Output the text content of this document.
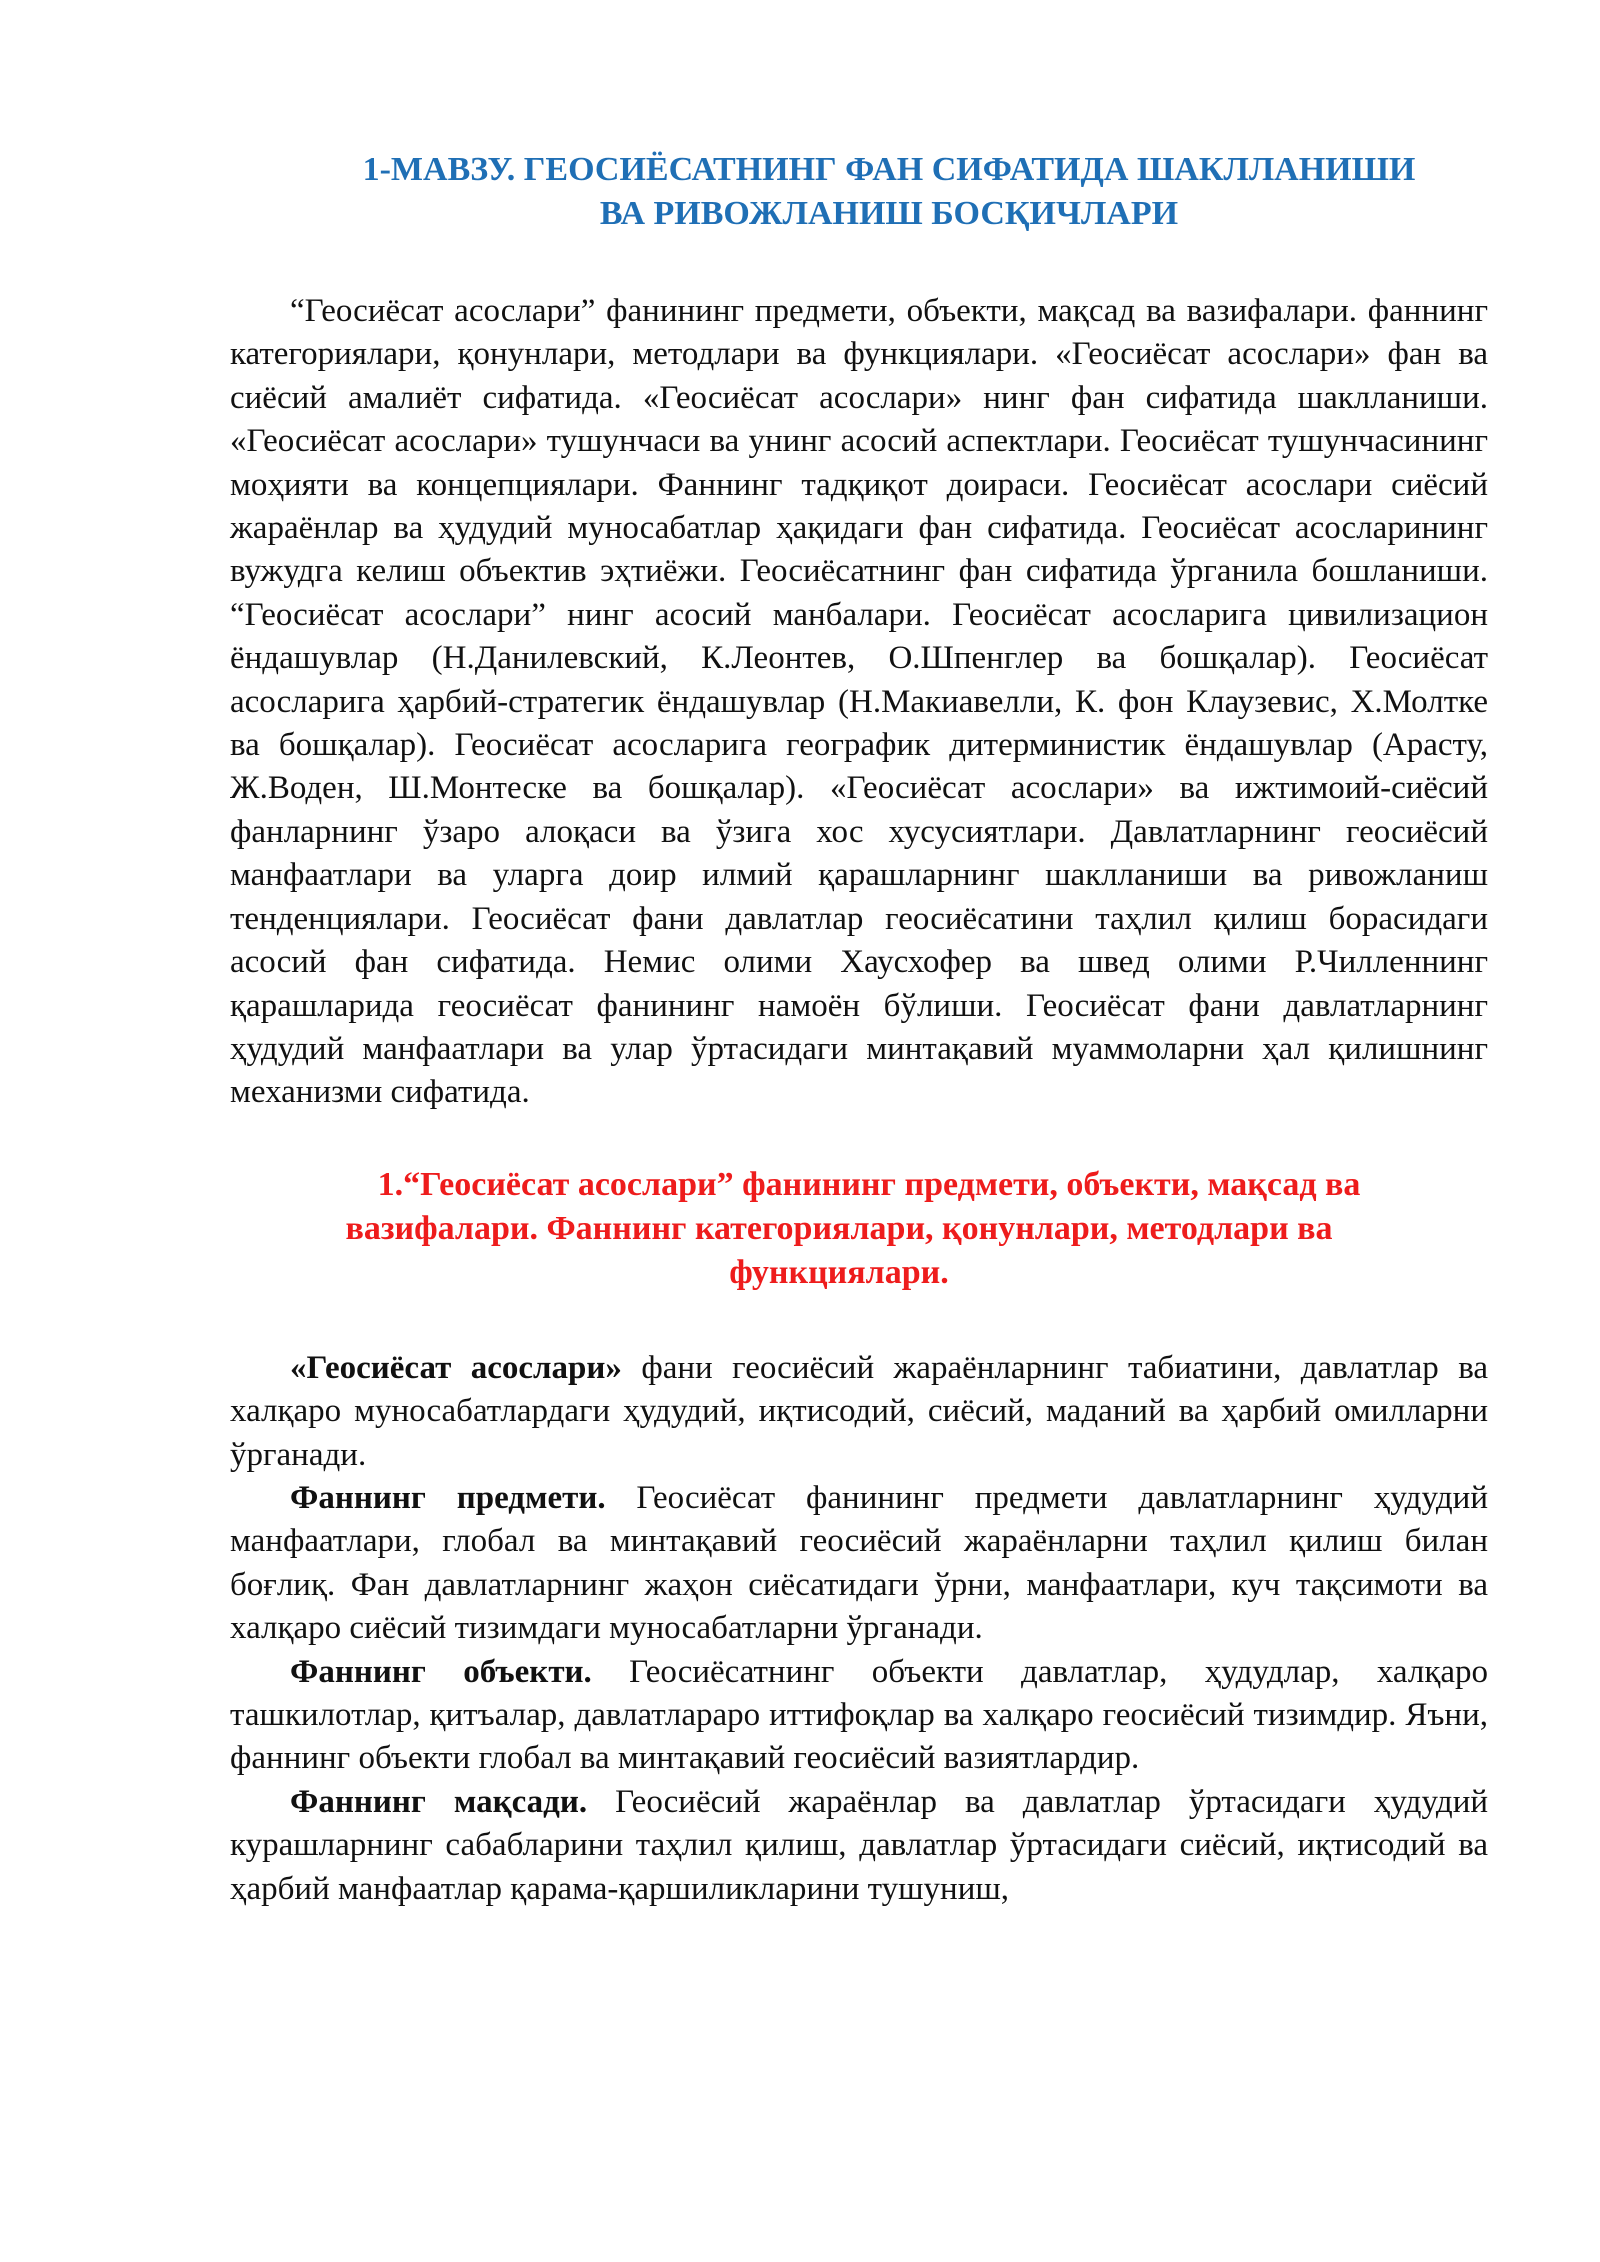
1-МАВЗУ. ГЕОСИЁСАТНИНГ ФАН СИФАТИДА ШАКЛЛАНИШИ
ВА РИВОЖЛАНИШ БОСҚИЧЛАРИ

“Геосиёсат асослари” фанининг предмети, объекти, мақсад ва вазифалари. фаннинг категориялари, қонунлари, методлари ва функциялари. «Геосиёсат асослари» фан ва сиёсий амалиёт сифатида. «Геосиёсат асослари» нинг фан сифатида шаклланиши. «Геосиёсат асослари» тушунчаси ва унинг асосий аспектлари. Геосиёсат тушунчасининг моҳияти ва концепциялари. Фаннинг тадқиқот доираси. Геосиёсат асослари сиёсий жараёнлар ва ҳудудий муносабатлар ҳақидаги фан сифатида. Геосиёсат асосларининг вужудга келиш объектив эҳтиёжи. Геосиёсатнинг фан сифатида ўрганила бошланиши. “Геосиёсат асослари” нинг асосий манбалари. Геосиёсат асосларига цивилизацион ёндашувлар (Н.Данилевский, К.Леонтев, О.Шпенглер ва бошқалар). Геосиёсат асосларига ҳарбий-стратегик ёндашувлар (Н.Макиавелли, К. фон Клаузевис, Х.Молтке ва бошқалар). Геосиёсат асосларига географик дитерминистик ёндашувлар (Арасту, Ж.Воден, Ш.Монтеске ва бошқалар). «Геосиёсат асослари» ва ижтимоий-сиёсий фанларнинг ўзаро алоқаси ва ўзига хос хусусиятлари. Давлатларнинг геосиёсий манфаатлари ва уларга доир илмий қарашларнинг шаклланиши ва ривожланиш тенденциялари. Геосиёсат фани давлатлар геосиёсатини таҳлил қилиш борасидаги асосий фан сифатида. Немис олими Хаусхофер ва швед олими Р.Чилленнинг қарашларида геосиёсат фанининг намоён бўлиши. Геосиёсат фани давлатларнинг ҳудудий манфаатлари ва улар ўртасидаги минтақавий муаммоларни ҳал қилишнинг механизми сифатида.

1.“Геосиёсат асослари” фанининг предмети, объекти, мақсад ва
вазифалари. Фаннинг категориялари, қонунлари, методлари ва
функциялари.

«Геосиёсат асослари» фани геосиёсий жараёнларнинг табиатини, давлатлар ва халқаро муносабатлардаги ҳудудий, иқтисодий, сиёсий, маданий ва ҳарбий омилларни ўрганади.

Фаннинг предмети. Геосиёсат фанининг предмети давлатларнинг ҳудудий манфаатлари, глобал ва минтақавий геосиёсий жараёнларни таҳлил қилиш билан боғлиқ. Фан давлатларнинг жаҳон сиёсатидаги ўрни, манфаатлари, куч тақсимоти ва халқаро сиёсий тизимдаги муносабатларни ўрганади.

Фаннинг объекти. Геосиёсатнинг объекти давлатлар, ҳудудлар, халқаро ташкилотлар, қитъалар, давлатлараро иттифоқлар ва халқаро геосиёсий тизимдир. Яъни, фаннинг объекти глобал ва минтақавий геосиёсий вазиятлардир.

Фаннинг мақсади. Геосиёсий жараёнлар ва давлатлар ўртасидаги ҳудудий курашларнинг сабабларини таҳлил қилиш, давлатлар ўртасидаги сиёсий, иқтисодий ва ҳарбий манфаатлар қарама-қаршиликларини тушуниш,
